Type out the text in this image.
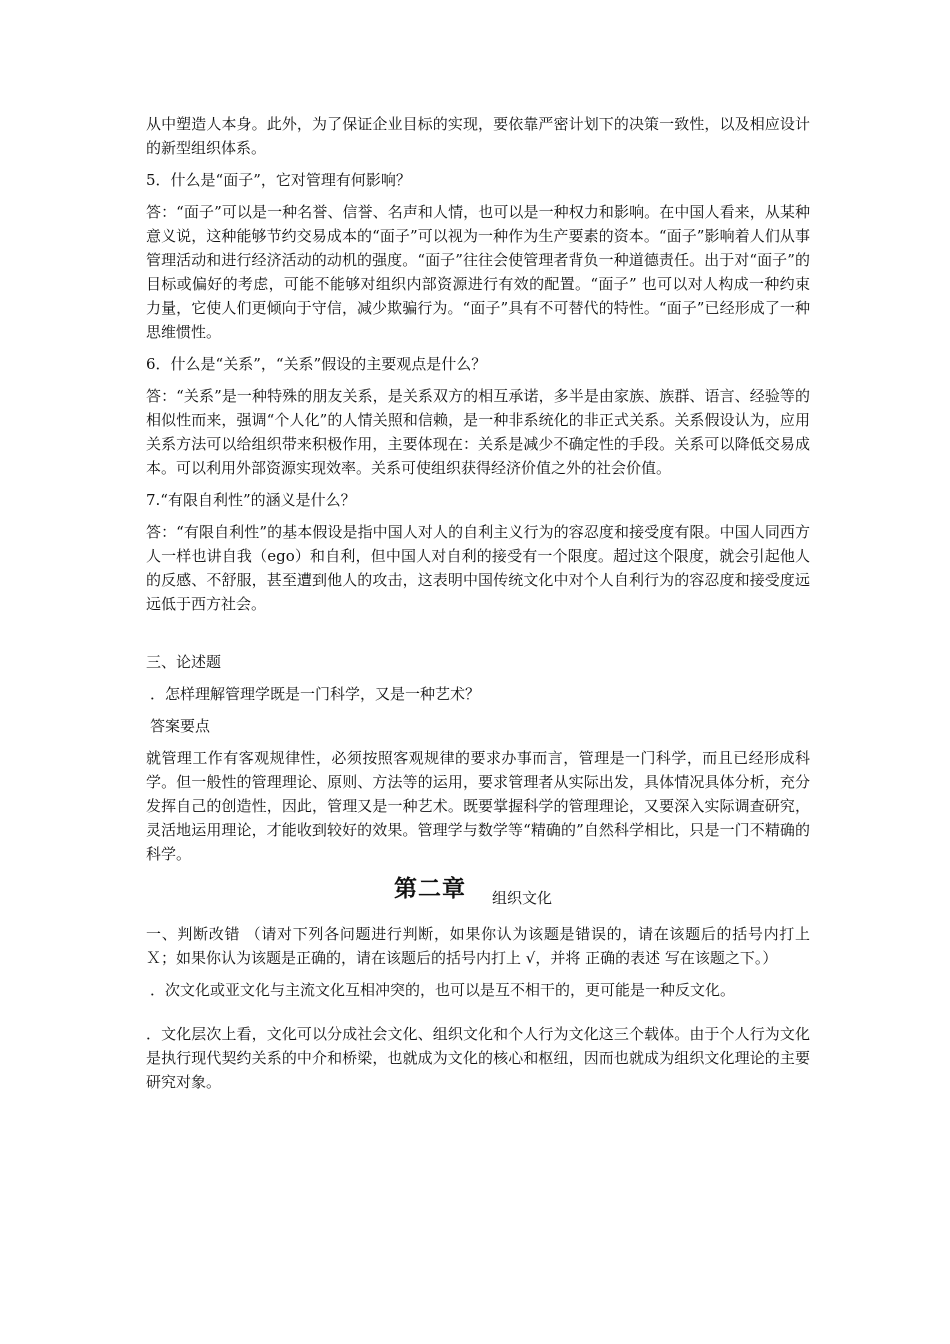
从中塑造人本身。此外，为了保证企业目标的实现，要依靠严密计划下的决策一致性，以及相应设计的新型组织体系。

5．什么是“面子”，它对管理有何影响？

答：“面子”可以是一种名誉、信誉、名声和人情，也可以是一种权力和影响。在中国人看来，从某种意义说，这种能够节约交易成本的“面子”可以视为一种作为生产要素的资本。“面子”影响着人们从事管理活动和进行经济活动的动机的强度。“面子”往往会使管理者背负一种道德责任。出于对“面子”的目标或偏好的考虑，可能不能够对组织内部资源进行有效的配置。“面子” 也可以对人构成一种约束力量，它使人们更倾向于守信，减少欺骗行为。“面子”具有不可替代的特性。“面子”已经形成了一种思维惯性。

6．什么是“关系”，“关系”假设的主要观点是什么？

答：“关系”是一种特殊的朋友关系，是关系双方的相互承诺，多半是由家族、族群、语言、经验等的相似性而来，强调“个人化”的人情关照和信赖，是一种非系统化的非正式关系。关系假设认为，应用关系方法可以给组织带来积极作用，主要体现在：关系是减少不确定性的手段。关系可以降低交易成本。可以利用外部资源实现效率。关系可使组织获得经济价值之外的社会价值。

7.“有限自利性”的涵义是什么？

答：“有限自利性”的基本假设是指中国人对人的自利主义行为的容忍度和接受度有限。中国人同西方人一样也讲自我（ego）和自利，但中国人对自利的接受有一个限度。超过这个限度，就会引起他人的反感、不舒服，甚至遭到他人的攻击，这表明中国传统文化中对个人自利行为的容忍度和接受度远远低于西方社会。

三、论述题

．怎样理解管理学既是一门科学，又是一种艺术？

答案要点

就管理工作有客观规律性，必须按照客观规律的要求办事而言，管理是一门科学，而且已经形成科学。但一般性的管理理论、原则、方法等的运用，要求管理者从实际出发，具体情况具体分析，充分发挥自己的创造性，因此，管理又是一种艺术。既要掌握科学的管理理论，又要深入实际调查研究，灵活地运用理论，才能收到较好的效果。管理学与数学等“精确的”自然科学相比，只是一门不精确的科学。

第二章 组织文化

一、判断改错 （请对下列各问题进行判断，如果你认为该题是错误的，请在该题后的括号内打上Ｘ；如果你认为该题是正确的，请在该题后的括号内打上 √，并将 正确的表述 写在该题之下。）

．次文化或亚文化与主流文化互相冲突的，也可以是互不相干的，更可能是一种反文化。

．文化层次上看，文化可以分成社会文化、组织文化和个人行为文化这三个载体。由于个人行为文化是执行现代契约关系的中介和桥梁，也就成为文化的核心和枢纽，因而也就成为组织文化理论的主要研究对象。
